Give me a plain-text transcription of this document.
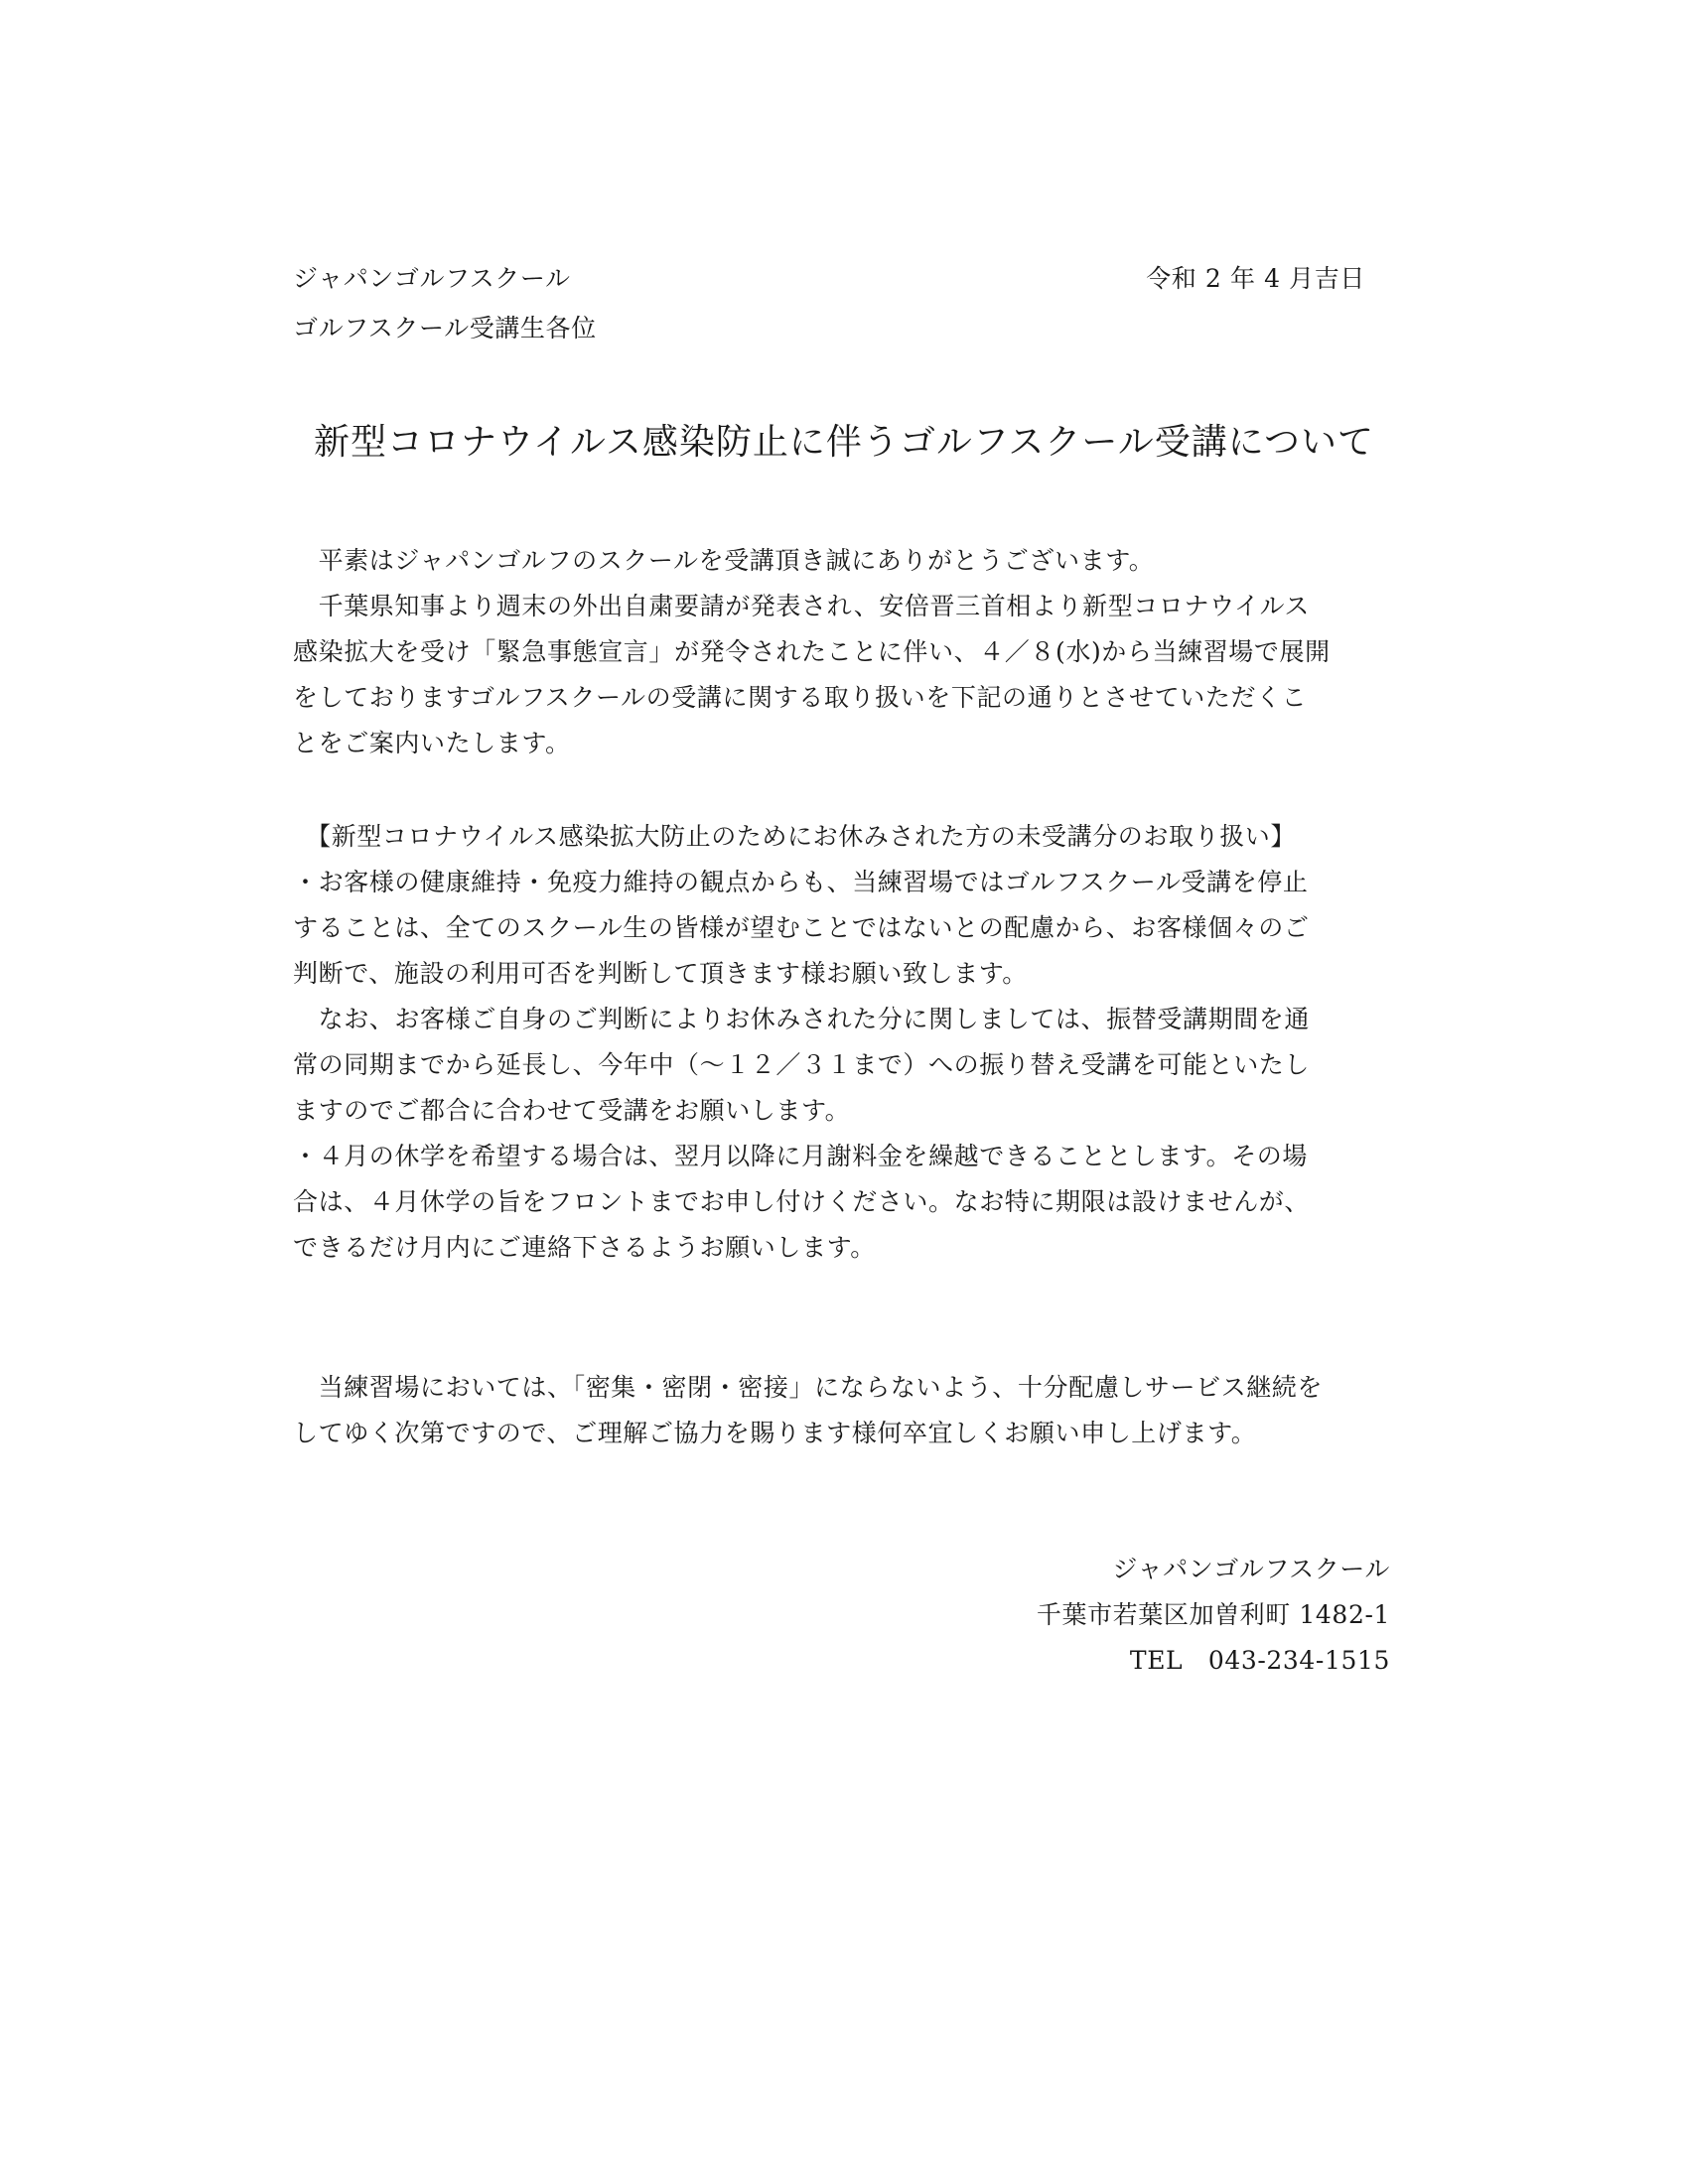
ジャパンゴルフスクール	令和 2 年 4 月吉日
ゴルフスクール受講生各位
新型コロナウイルス感染防止に伴うゴルフスクール受講について
　平素はジャパンゴルフのスクールを受講頂き誠にありがとうございます。
　千葉県知事より週末の外出自粛要請が発表され、安倍晋三首相より新型コロナウイルス
感染拡大を受け「緊急事態宣言」が発令されたことに伴い、４／８(水)から当練習場で展開
をしておりますゴルフスクールの受講に関する取り扱いを下記の通りとさせていただくこ
とをご案内いたします。
　【新型コロナウイルス感染拡大防止のためにお休みされた方の未受講分のお取り扱い】
・お客様の健康維持・免疫力維持の観点からも、当練習場ではゴルフスクール受講を停止
することは、全てのスクール生の皆様が望むことではないとの配慮から、お客様個々のご
判断で、施設の利用可否を判断して頂きます様お願い致します。
　なお、お客様ご自身のご判断によりお休みされた分に関しましては、振替受講期間を通
常の同期までから延長し、今年中（～１２／３１まで）への振り替え受講を可能といたし
ますのでご都合に合わせて受講をお願いします。
・４月の休学を希望する場合は、翌月以降に月謝料金を繰越できることとします。その場
合は、４月休学の旨をフロントまでお申し付けください。なお特に期限は設けませんが、
できるだけ月内にご連絡下さるようお願いします。
　当練習場においては、「密集・密閉・密接」にならないよう、十分配慮しサービス継続を
してゆく次第ですので、ご理解ご協力を賜ります様何卒宜しくお願い申し上げます。
ジャパンゴルフスクール
千葉市若葉区加曽利町 1482-1
TEL　043-234-1515
